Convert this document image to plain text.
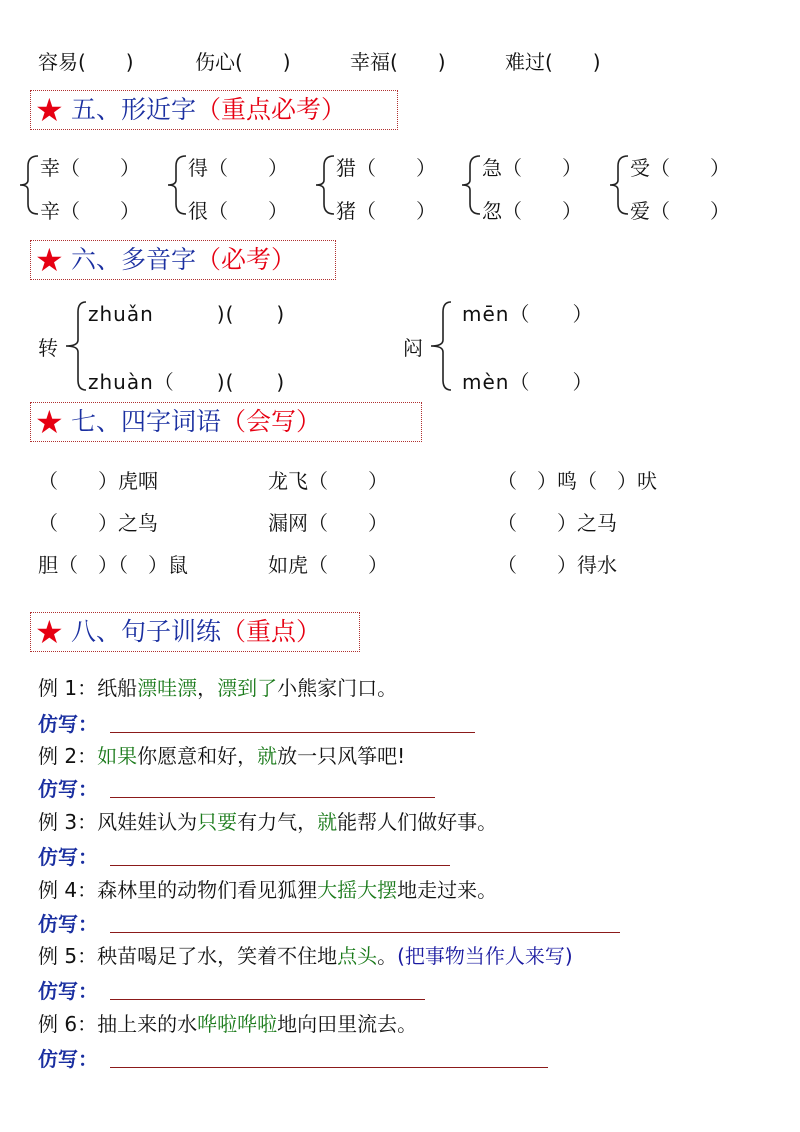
容易(　　)	伤心(　　)	幸福(　　)	难过(　　)
★ 五、形近字（重点必考）
幸（　　）
辛（　　）
得（　　）
很（　　）
猎（　　）
猪（　　）
急（　　）
忽（　　）
受（　　）
爱（　　）
★ 六、多音字（必考）
转
zhuǎn　　　)(　　)
zhuàn（　　)(　　)
闷
mēn（　　）
mèn（　　）
★ 七、四字词语（会写）
（　　）虎咽	龙飞（　　）	（　）鸣（　）吠
（　　）之鸟	漏网（　　）	（　　）之马
胆（　）（　）鼠	如虎（　　）	（　　）得水
★ 八、句子训练（重点）
例 1：纸船漂哇漂，漂到了小熊家门口。
仿写：
例 2：如果你愿意和好，就放一只风筝吧!
仿写：
例 3：风娃娃认为只要有力气，就能帮人们做好事。
仿写：
例 4：森林里的动物们看见狐狸大摇大摆地走过来。
仿写：
例 5：秧苗喝足了水，笑着不住地点头。(把事物当作人来写)
仿写：
例 6：抽上来的水哗啦哗啦地向田里流去。
仿写：
